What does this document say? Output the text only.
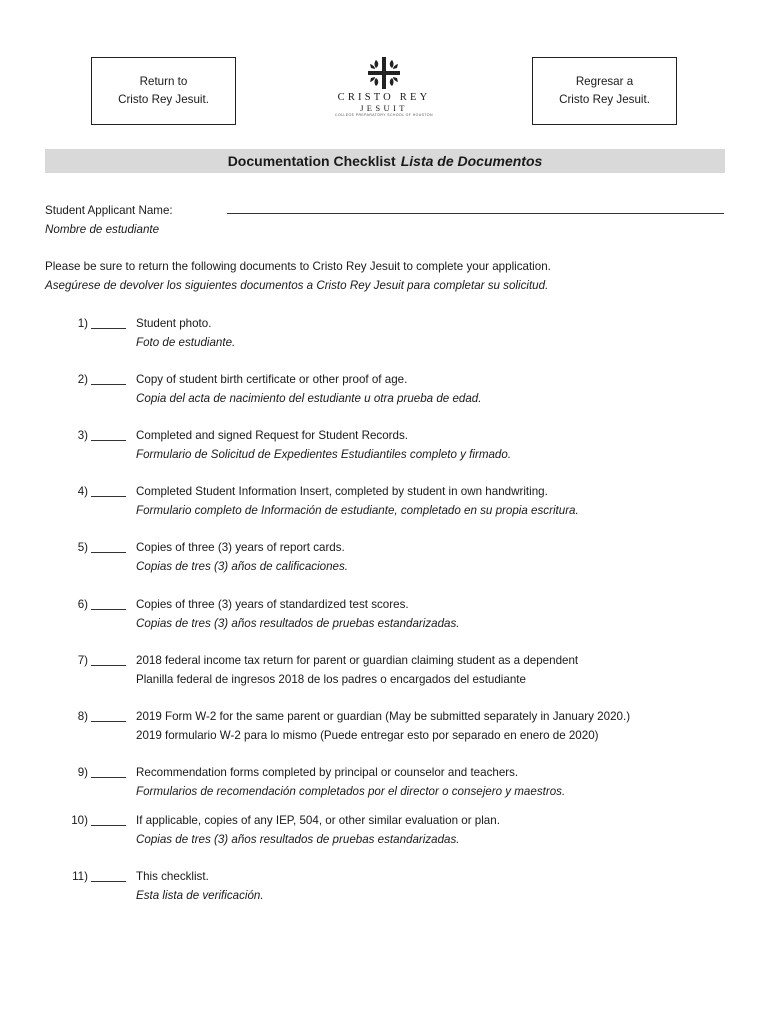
Return to
Cristo Rey Jesuit.	CRISTO REY
JESUIT
COLLEGE PREPARATORY SCHOOL OF HOUSTON
Regresar a
Cristo Rey Jesuit.
Documentation Checklist Lista de Documentos
Student Applicant Name:
Nombre de estudiante
Please be sure to return the following documents to Cristo Rey Jesuit to complete your application.
Asegúrese de devolver los siguientes documentos a Cristo Rey Jesuit para completar su solicitud.
1)	Student photo.
Foto de estudiante.
2)	Copy of student birth certificate or other proof of age.
Copia del acta de nacimiento del estudiante u otra prueba de edad.
3)	Completed and signed Request for Student Records.
Formulario de Solicitud de Expedientes Estudiantiles completo y firmado.
4)	Completed Student Information Insert, completed by student in own handwriting.
Formulario completo de Información de estudiante, completado en su propia escritura.
5)	Copies of three (3) years of report cards.
Copias de tres (3) años de calificaciones.
6)	Copies of three (3) years of standardized test scores.
Copias de tres (3) años resultados de pruebas estandarizadas.
7)	2018 federal income tax return for parent or guardian claiming student as a dependent
Planilla federal de ingresos 2018 de los padres o encargados del estudiante
8)	2019 Form W-2 for the same parent or guardian (May be submitted separately in January 2020.)
2019 formulario W-2 para lo mismo (Puede entregar esto por separado en enero de 2020)
9)	Recommendation forms completed by principal or counselor and teachers.
Formularios de recomendación completados por el director o consejero y maestros.
10)	If applicable, copies of any IEP, 504, or other similar evaluation or plan.
Copias de tres (3) años resultados de pruebas estandarizadas.
11)	This checklist.
Esta lista de verificación.
